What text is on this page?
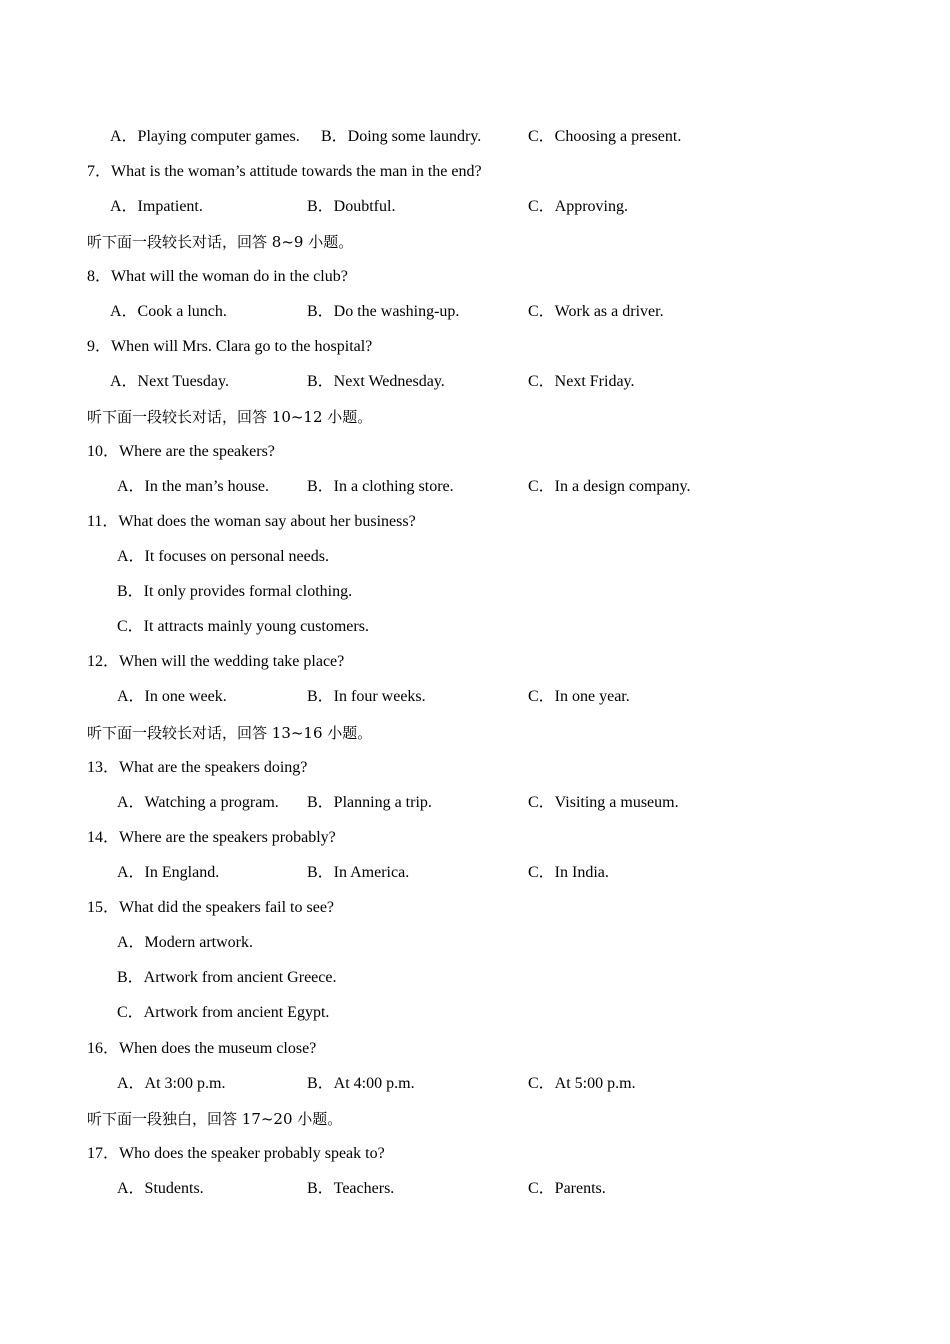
A．Playing computer games. B．Doing some laundry.	C．Choosing a present.
7．What is the woman’s attitude towards the man in the end?
A．Impatient.	B．Doubtful.	C．Approving.
听下面一段较长对话，回答 8~9 小题。
8．What will the woman do in the club?
A．Cook a lunch.	B．Do the washing-up.	C．Work as a driver.
9．When will Mrs. Clara go to the hospital?
A．Next Tuesday.	B．Next Wednesday.	C．Next Friday.
听下面一段较长对话，回答 10~12 小题。
10．Where are the speakers?
A．In the man’s house. B．In a clothing store.	C．In a design company.
11．What does the woman say about her business?
A．It focuses on personal needs.
B．It only provides formal clothing.
C．It attracts mainly young customers.
12．When will the wedding take place?
A．In one week.	B．In four weeks.	C．In one year.
听下面一段较长对话，回答 13~16 小题。
13．What are the speakers doing?
A．Watching a program. B．Planning a trip.	C．Visiting a museum.
14．Where are the speakers probably?
A．In England.	B．In America.	C．In India.
15．What did the speakers fail to see?
A．Modern artwork.
B．Artwork from ancient Greece.
C．Artwork from ancient Egypt.
16．When does the museum close?
A．At 3:00 p.m.	B．At 4:00 p.m.	C．At 5:00 p.m.
听下面一段独白，回答 17~20 小题。
17．Who does the speaker probably speak to?
A．Students.	B．Teachers.	C．Parents.
